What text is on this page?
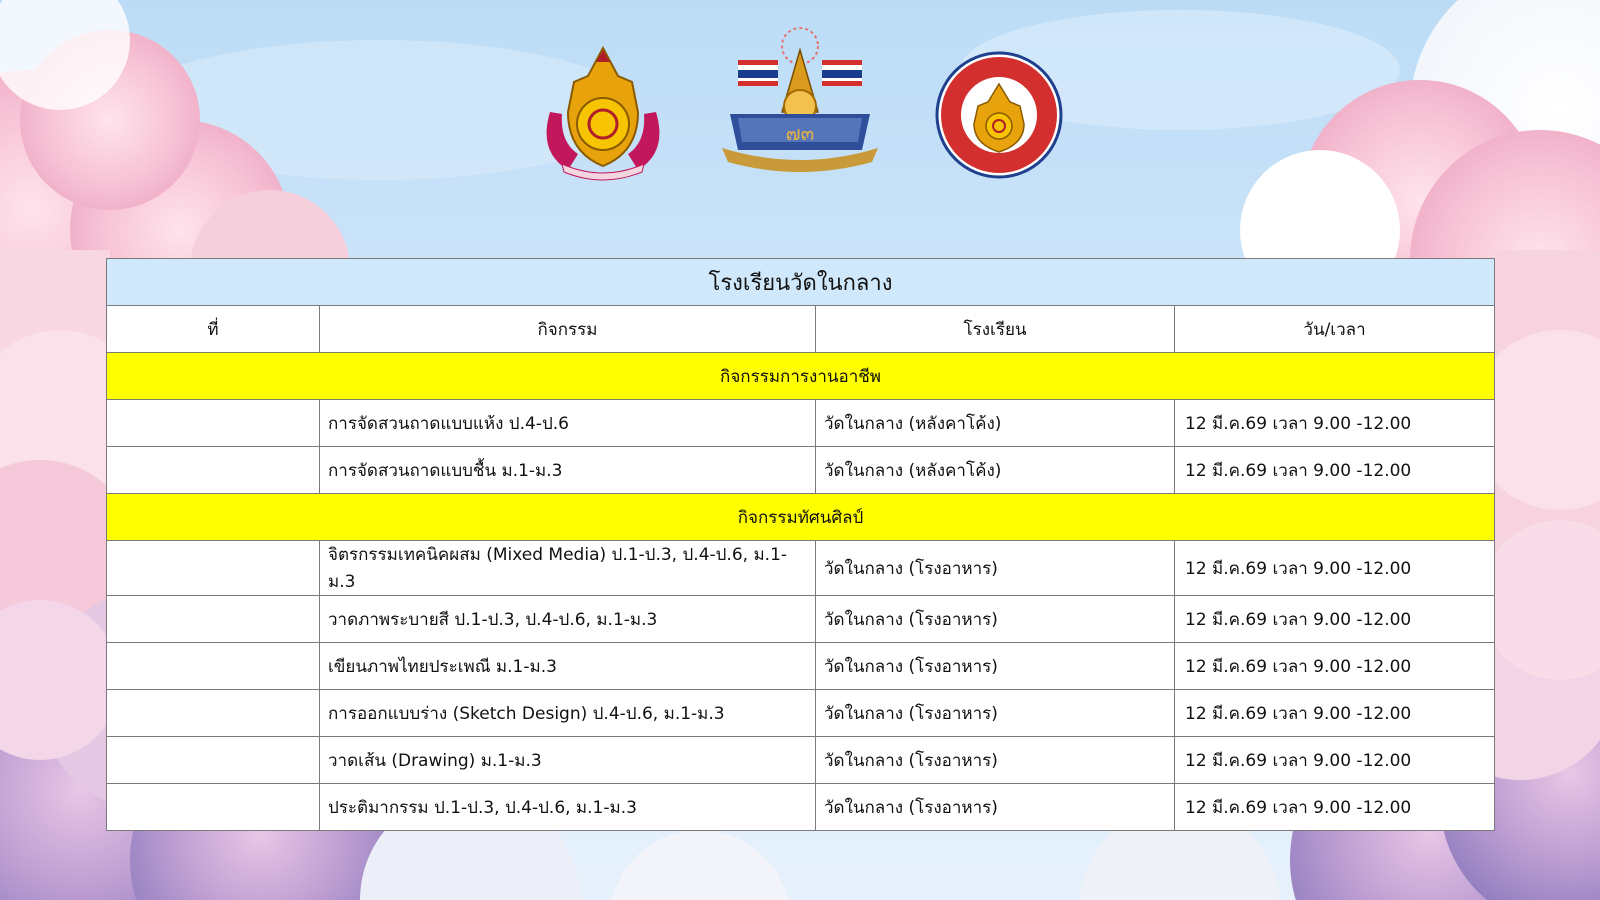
๗๓
โรงเรียนวัดในกลาง			
ที่	กิจกรรม	โรงเรียน	วัน/เวลา
กิจกรรมการงานอาชีพ			
	การจัดสวนถาดแบบแห้ง ป.4-ป.6	วัดในกลาง (หลังคาโค้ง)	12 มี.ค.69 เวลา 9.00 -12.00
	การจัดสวนถาดแบบชื้น ม.1-ม.3	วัดในกลาง (หลังคาโค้ง)	12 มี.ค.69 เวลา 9.00 -12.00
กิจกรรมทัศนศิลป์			
	จิตรกรรมเทคนิคผสม (Mixed Media) ป.1-ป.3, ป.4-ป.6, ม.1-ม.3	วัดในกลาง (โรงอาหาร)	12 มี.ค.69 เวลา 9.00 -12.00
	วาดภาพระบายสี ป.1-ป.3, ป.4-ป.6, ม.1-ม.3	วัดในกลาง (โรงอาหาร)	12 มี.ค.69 เวลา 9.00 -12.00
	เขียนภาพไทยประเพณี ม.1-ม.3	วัดในกลาง (โรงอาหาร)	12 มี.ค.69 เวลา 9.00 -12.00
	การออกแบบร่าง (Sketch Design) ป.4-ป.6, ม.1-ม.3	วัดในกลาง (โรงอาหาร)	12 มี.ค.69 เวลา 9.00 -12.00
	วาดเส้น (Drawing) ม.1-ม.3	วัดในกลาง (โรงอาหาร)	12 มี.ค.69 เวลา 9.00 -12.00
	ประติมากรรม ป.1-ป.3, ป.4-ป.6, ม.1-ม.3	วัดในกลาง (โรงอาหาร)	12 มี.ค.69 เวลา 9.00 -12.00
